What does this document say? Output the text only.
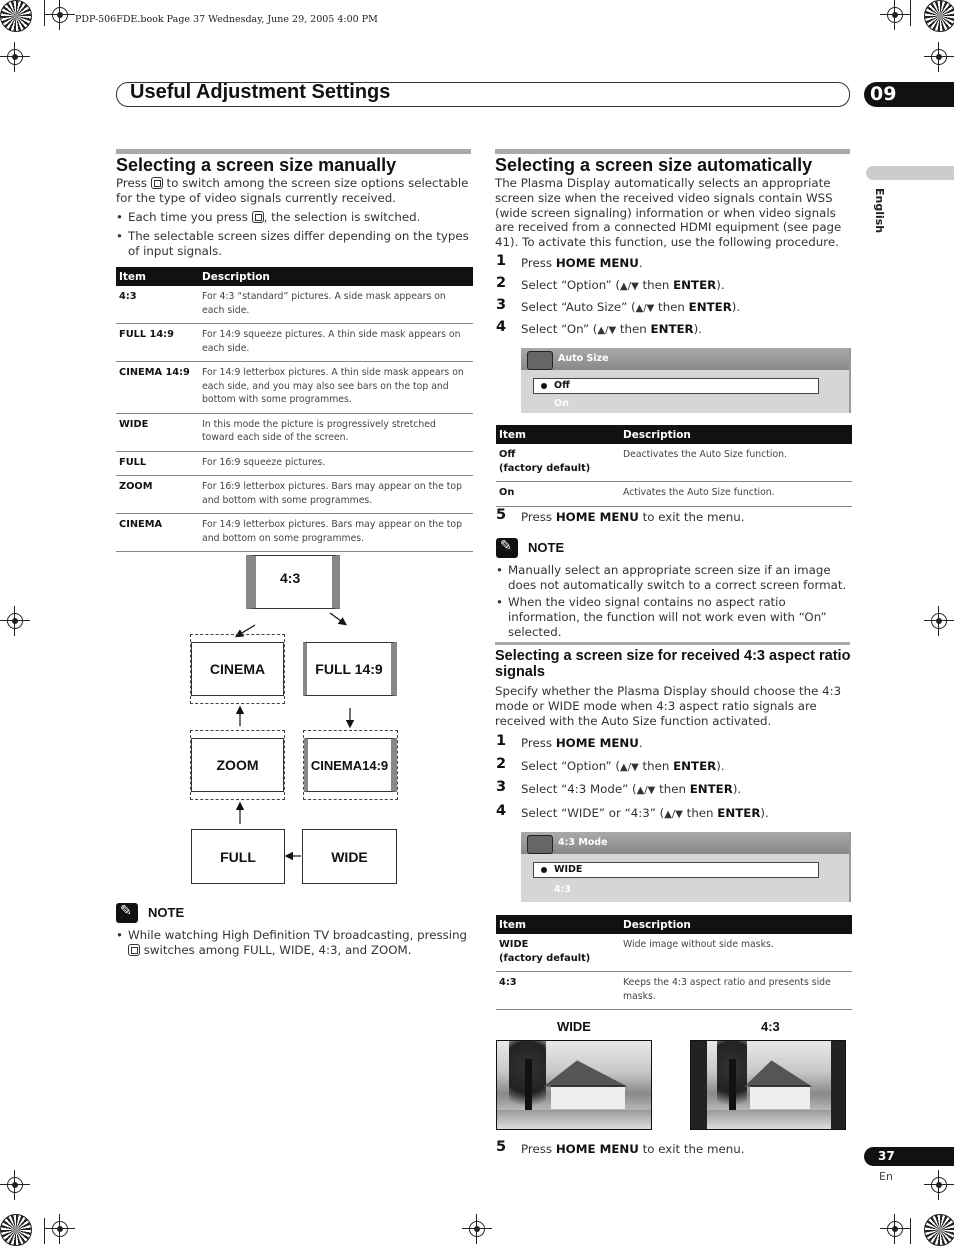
PDP-506FDE.book Page 37 Wednesday, June 29, 2005 4:00 PM
Useful Adjustment Settings	09
English
Selecting a screen size manually
Press  to switch among the screen size options selectable for the type of video signals currently received.
• Each time you press , the selection is switched.
• The selectable screen sizes differ depending on the types of input signals.
Item	Description
4:3	For 4:3 “standard” pictures. A side mask appears on each side.
FULL 14:9	For 14:9 squeeze pictures. A thin side mask appears on each side.
CINEMA 14:9	For 14:9 letterbox pictures. A thin side mask appears on each side, and you may also see bars on the top and bottom with some programmes.
WIDE	In this mode the picture is progressively stretched toward each side of the screen.
FULL	For 16:9 squeeze pictures.
ZOOM	For 16:9 letterbox pictures. Bars may appear on the top and bottom with some programmes.
CINEMA	For 14:9 letterbox pictures. Bars may appear on the top and bottom on some programmes.
4:3
CINEMA	FULL 14:9
ZOOM	CINEMA14:9
FULL	WIDE
✎
NOTE
• While watching High Definition TV broadcasting, pressing  switches among FULL, WIDE, 4:3, and ZOOM.
Selecting a screen size automatically
The Plasma Display automatically selects an appropriate screen size when the received video signals contain WSS (wide screen signaling) information or when video signals are received from a connected HDMI equipment (see page 41). To activate this function, use the following procedure.
1 Press HOME MENU.
2 Select “Option” (▲/▼ then ENTER).
3 Select “Auto Size” (▲/▼ then ENTER).
4 Select “On” (▲/▼ then ENTER).
Auto Size
Off
On
Item	Description
Off
(factory default)	Deactivates the Auto Size function.
On	Activates the Auto Size function.
5 Press HOME MENU to exit the menu.
✎
NOTE
• Manually select an appropriate screen size if an image does not automatically switch to a correct screen format.
• When the video signal contains no aspect ratio information, the function will not work even with “On” selected.
Selecting a screen size for received 4:3 aspect ratio signals
Specify whether the Plasma Display should choose the 4:3 mode or WIDE mode when 4:3 aspect ratio signals are received with the Auto Size function activated.
1 Press HOME MENU.
2 Select “Option” (▲/▼ then ENTER).
3 Select “4:3 Mode” (▲/▼ then ENTER).
4 Select “WIDE” or “4:3” (▲/▼ then ENTER).
4:3 Mode
WIDE
4:3
Item	Description
WIDE
(factory default)	Wide image without side masks.
4:3	Keeps the 4:3 aspect ratio and presents side masks.
WIDE	4:3
5 Press HOME MENU to exit the menu.	37
En
